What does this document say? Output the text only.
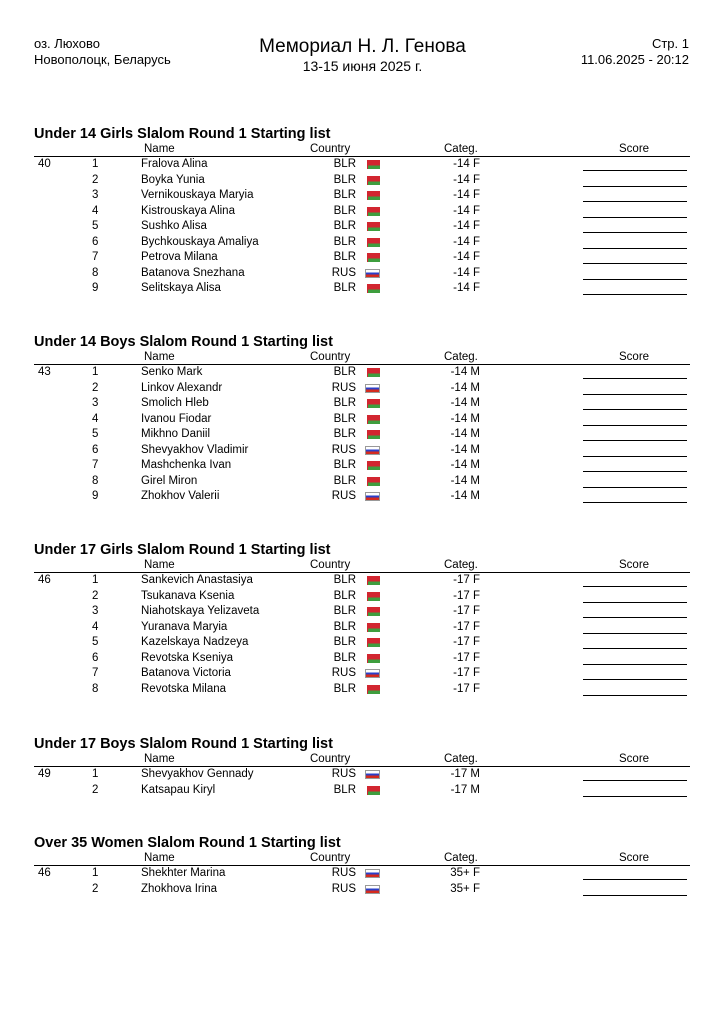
оз. Люхово
Новополоцк, Беларусь
Мемориал Н. Л. Генова
13-15 июня 2025 г.
Стр. 1
11.06.2025 - 20:12
Under 14 Girls Slalom Round 1 Starting list
Name	Country	Categ.	Score
40	1	Fralova Alina	BLR	-14 F
2	Boyka Yunia	BLR	-14 F
3	Vernikouskaya Maryia	BLR	-14 F
4	Kistrouskaya Alina	BLR	-14 F
5	Sushko Alisa	BLR	-14 F
6	Bychkouskaya Amaliya	BLR	-14 F
7	Petrova Milana	BLR	-14 F
8	Batanova Snezhana	RUS	-14 F
9	Selitskaya Alisa	BLR	-14 F
Under 14 Boys Slalom Round 1 Starting list
Name	Country	Categ.	Score
43	1	Senko Mark	BLR	-14 M
2	Linkov Alexandr	RUS	-14 M
3	Smolich Hleb	BLR	-14 M
4	Ivanou Fiodar	BLR	-14 M
5	Mikhno Daniil	BLR	-14 M
6	Shevyakhov Vladimir	RUS	-14 M
7	Mashchenka Ivan	BLR	-14 M
8	Girel Miron	BLR	-14 M
9	Zhokhov Valerii	RUS	-14 M
Under 17 Girls Slalom Round 1 Starting list
Name	Country	Categ.	Score
46	1	Sankevich Anastasiya	BLR	-17 F
2	Tsukanava Ksenia	BLR	-17 F
3	Niahotskaya Yelizaveta	BLR	-17 F
4	Yuranava Maryia	BLR	-17 F
5	Kazelskaya Nadzeya	BLR	-17 F
6	Revotska Kseniya	BLR	-17 F
7	Batanova Victoria	RUS	-17 F
8	Revotska Milana	BLR	-17 F
Under 17 Boys Slalom Round 1 Starting list
Name	Country	Categ.	Score
49	1	Shevyakhov Gennady	RUS	-17 M
2	Katsapau Kiryl	BLR	-17 M
Over 35 Women Slalom Round 1 Starting list
Name	Country	Categ.	Score
46	1	Shekhter Marina	RUS	35+ F
2	Zhokhova Irina	RUS	35+ F
